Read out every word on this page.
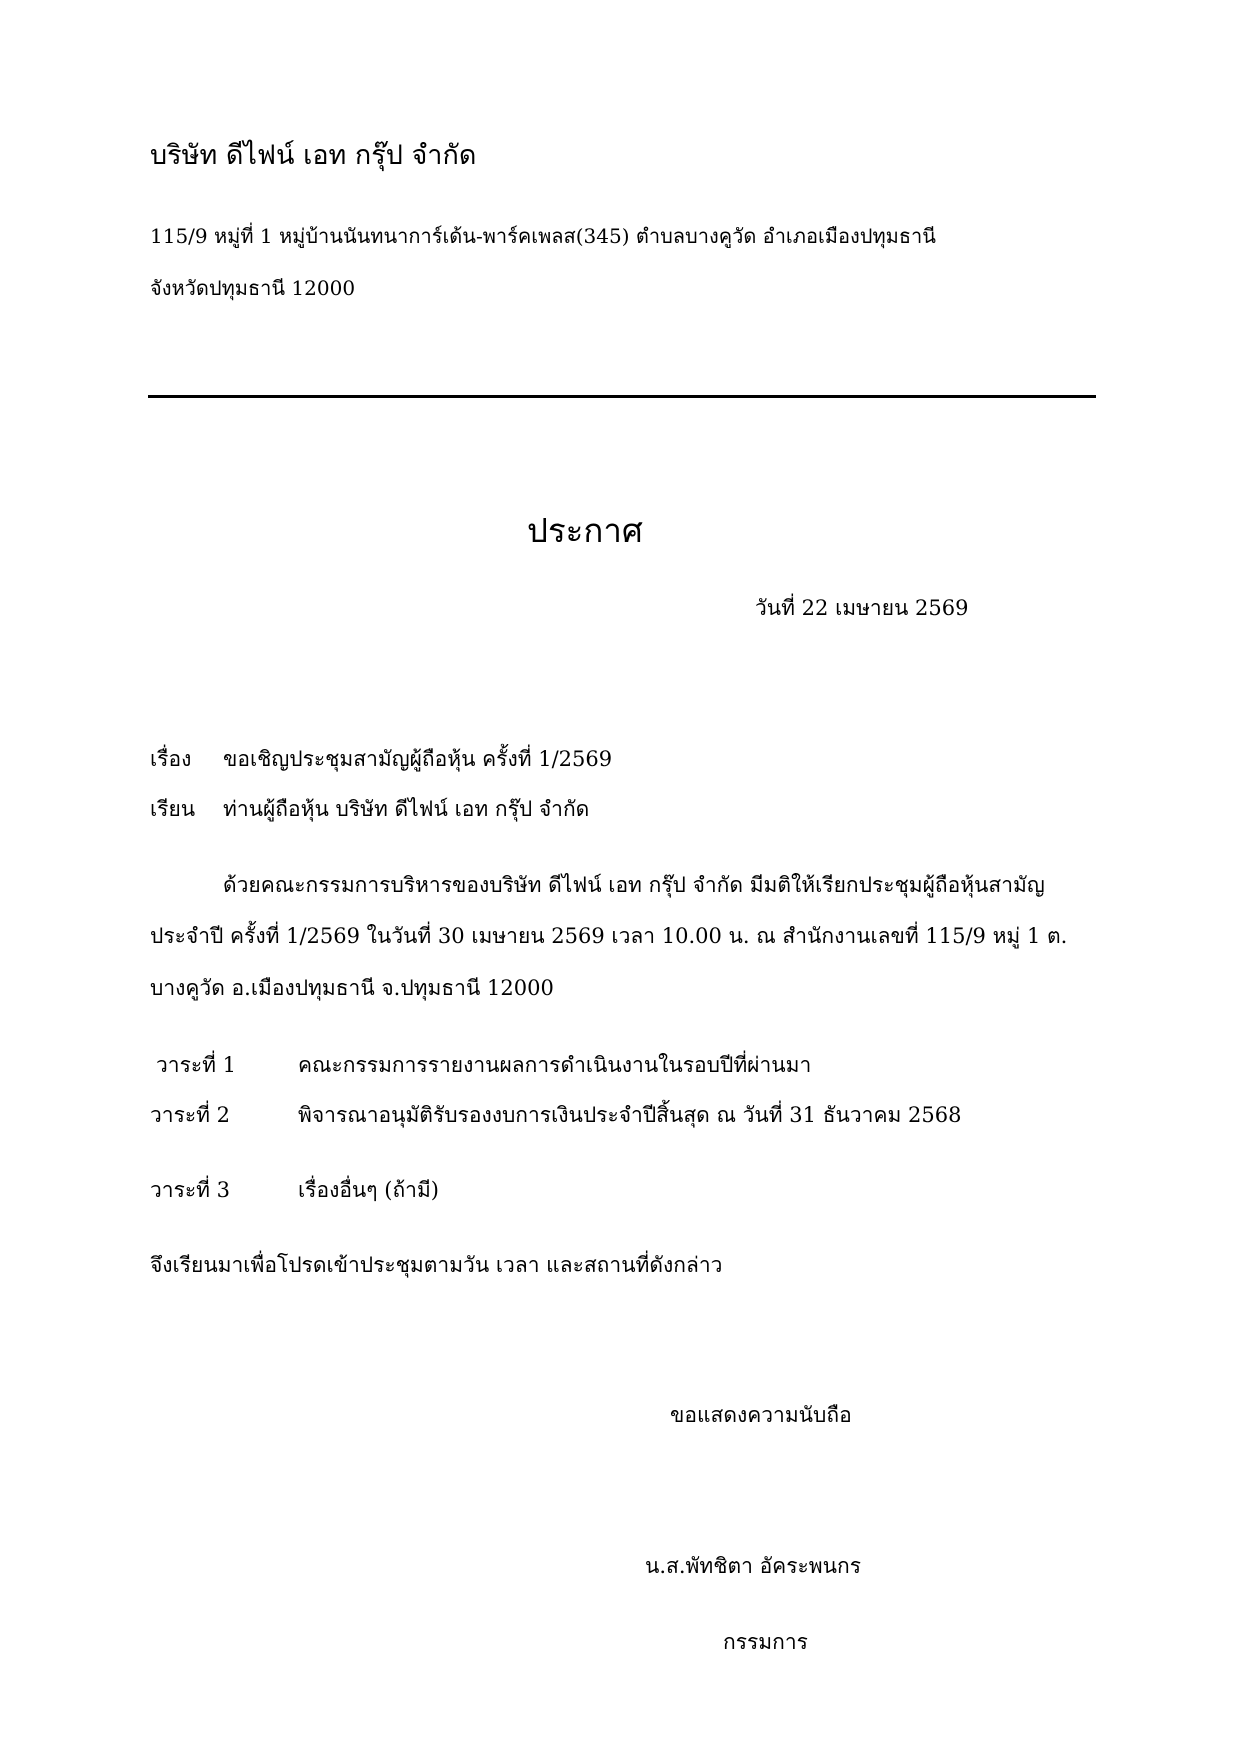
บริษัท ดีไฟน์ เอท กรุ๊ป จำกัด
115/9 หมู่ที่ 1 หมู่บ้านนันทนาการ์เด้น-พาร์คเพลส(345) ตำบลบางคูวัด อำเภอเมืองปทุมธานี
จังหวัดปทุมธานี 12000
ประกาศ
วันที่ 22 เมษายน 2569
เรื่อง ขอเชิญประชุมสามัญผู้ถือหุ้น ครั้งที่ 1/2569
เรียน ท่านผู้ถือหุ้น บริษัท ดีไฟน์ เอท กรุ๊ป จำกัด
ด้วยคณะกรรมการบริหารของบริษัท ดีไฟน์ เอท กรุ๊ป จำกัด มีมติให้เรียกประชุมผู้ถือหุ้นสามัญ
ประจำปี ครั้งที่ 1/2569 ในวันที่ 30 เมษายน 2569 เวลา 10.00 น. ณ สำนักงานเลขที่ 115/9 หมู่ 1 ต.
บางคูวัด อ.เมืองปทุมธานี จ.ปทุมธานี 12000
วาระที่ 1	คณะกรรมการรายงานผลการดำเนินงานในรอบปีที่ผ่านมา
วาระที่ 2	พิจารณาอนุมัติรับรองงบการเงินประจำปีสิ้นสุด ณ วันที่ 31 ธันวาคม 2568
วาระที่ 3	เรื่องอื่นๆ (ถ้ามี)
จึงเรียนมาเพื่อโปรดเข้าประชุมตามวัน เวลา และสถานที่ดังกล่าว
ขอแสดงความนับถือ
น.ส.พัทชิตา อัคระพนกร
กรรมการ
